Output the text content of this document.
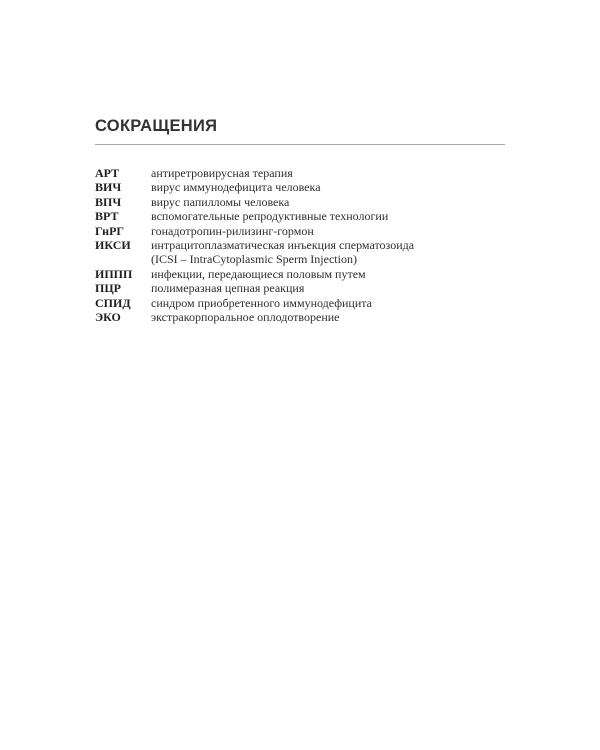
СОКРАЩЕНИЯ
АРТ	антиретровирусная терапия
ВИЧ	вирус иммунодефицита человека
ВПЧ	вирус папилломы человека
ВРТ	вспомогательные репродуктивные технологии
ГнРГ	гонадотропин-рилизинг-гормон
ИКСИ	интрацитоплазматическая инъекция сперматозоида
(ICSI – IntraCytoplasmic Sperm Injection)
ИППП	инфекции, передающиеся половым путем
ПЦР	полимеразная цепная реакция
СПИД	синдром приобретенного иммунодефицита
ЭКО	экстракорпоральное оплодотворение
